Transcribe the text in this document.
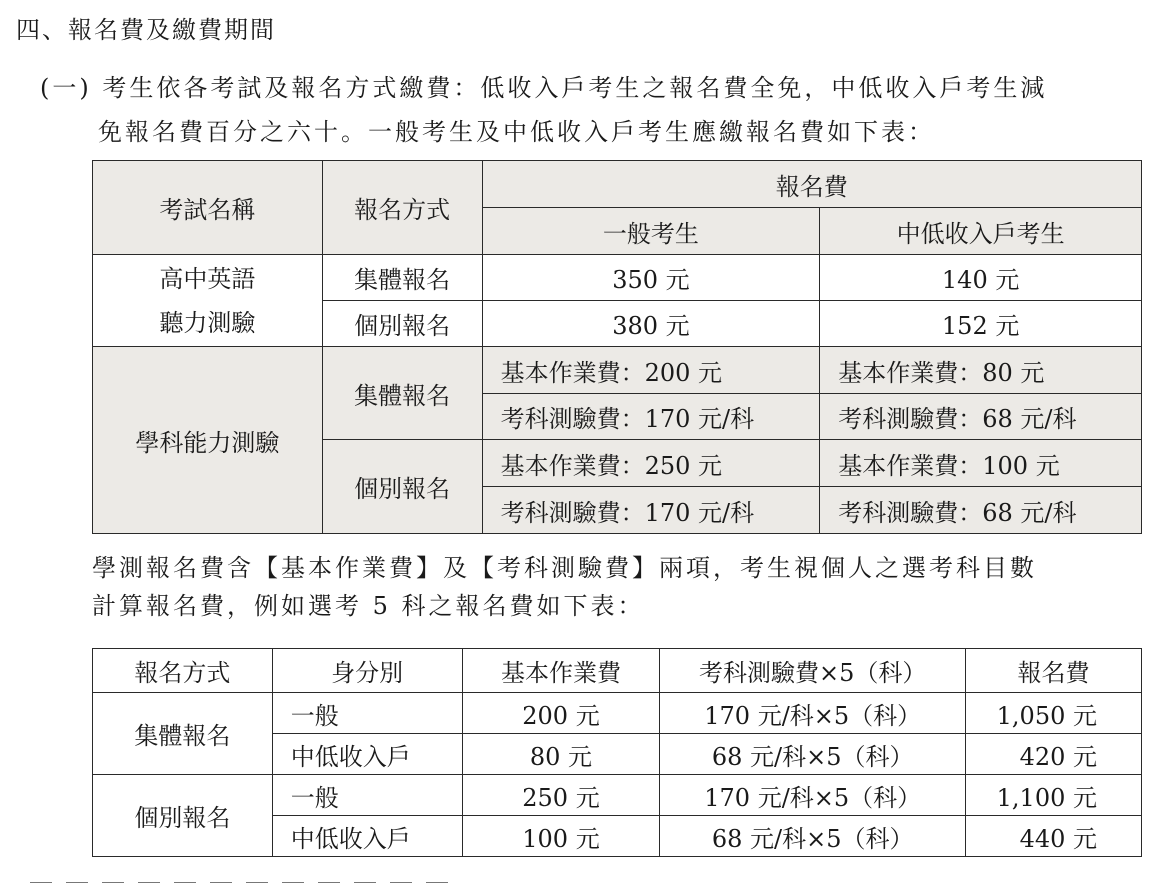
四、報名費及繳費期間
(一) 考生依各考試及報名方式繳費：低收入戶考生之報名費全免，中低收入戶考生減
免報名費百分之六十。一般考生及中低收入戶考生應繳報名費如下表：
考試名稱	報名方式	報名費	
		一般考生	中低收入戶考生

高中英語
聽力測驗	集體報名	350 元	140 元
	個別報名	380 元	152 元
學科能力測驗	集體報名	基本作業費：200 元	基本作業費：80 元
		考科測驗費：170 元/科	考科測驗費：68 元/科
	個別報名	基本作業費：250 元	基本作業費：100 元
		考科測驗費：170 元/科	考科測驗費：68 元/科
學測報名費含【基本作業費】及【考科測驗費】兩項，考生視個人之選考科目數
計算報名費，例如選考 5 科之報名費如下表：
報名方式	身分別	基本作業費	考科測驗費×5（科）	報名費
集體報名	一般	200 元	170 元/科×5（科）	1,050 元
	中低收入戶	80 元	68 元/科×5（科）	420 元
個別報名	一般	250 元	170 元/科×5（科）	1,100 元
	中低收入戶	100 元	68 元/科×5（科）	440 元
